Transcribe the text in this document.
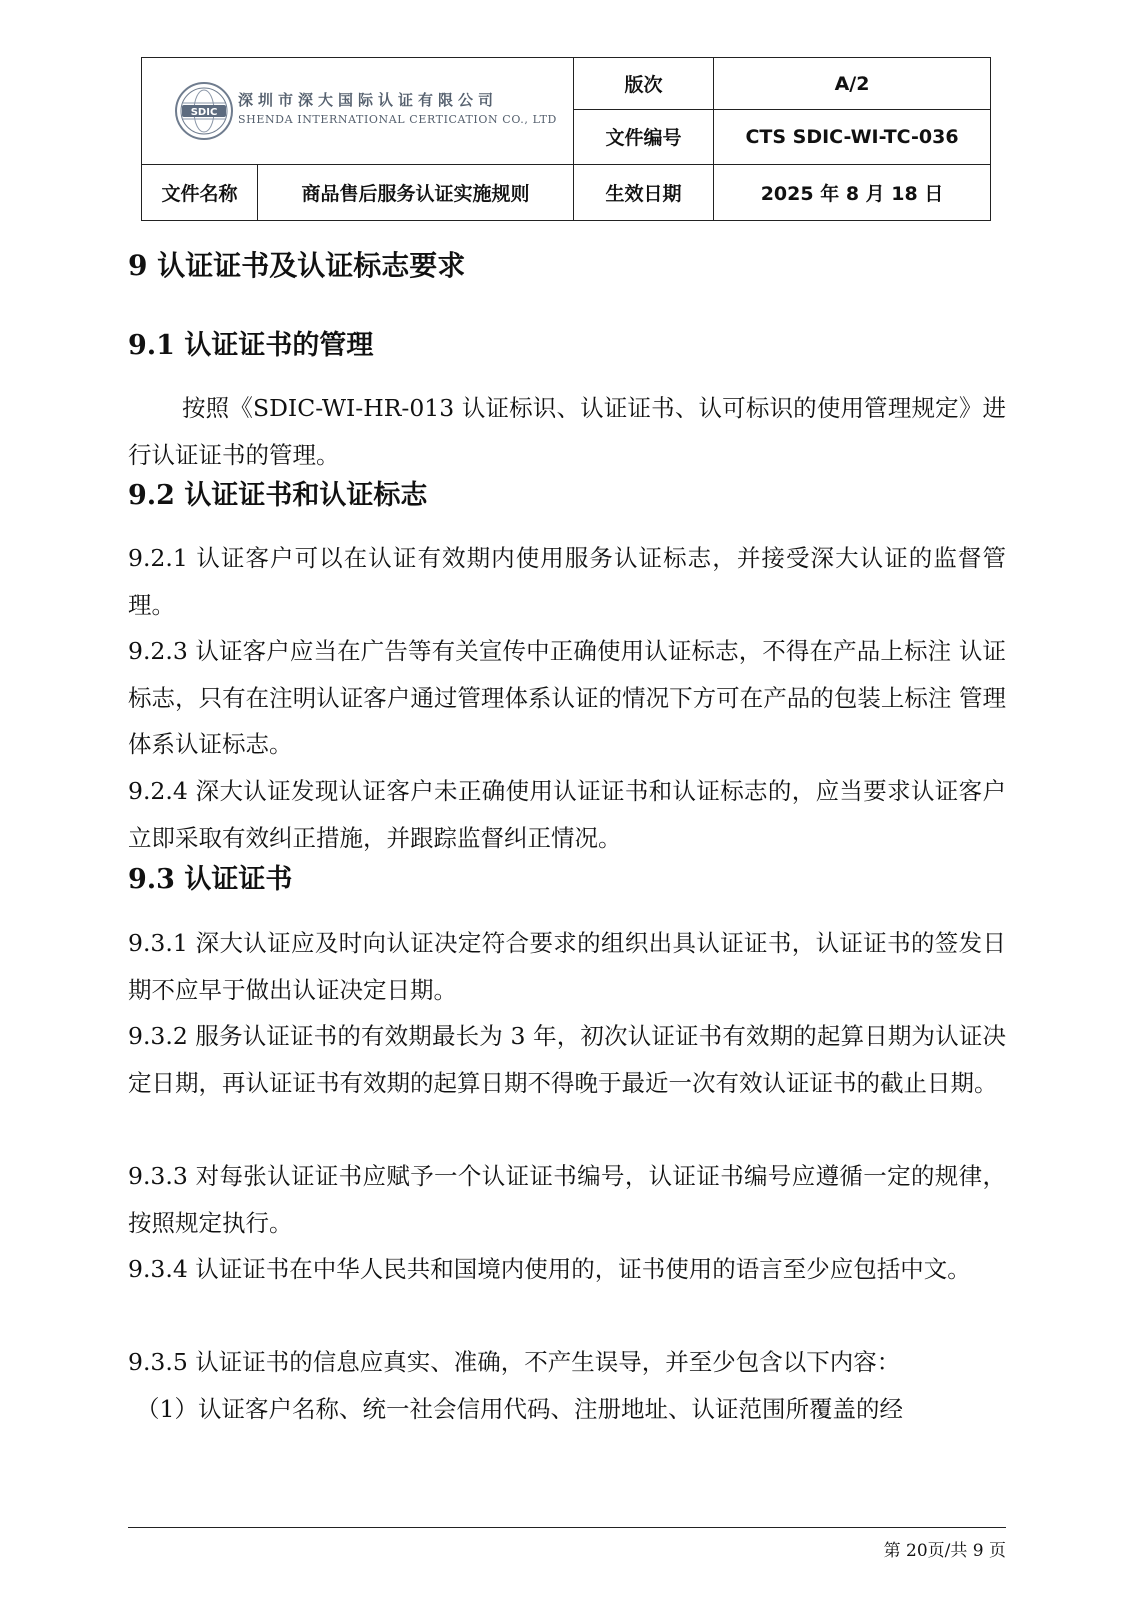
SDIC
深圳市深大国际认证有限公司
SHENDA INTERNATIONAL CERTICATION CO., LTD		版次	A/2
		文件编号	CTS SDIC-WI-TC-036
文件名称	商品售后服务认证实施规则	生效日期	2025 年 8 月 18 日
9 认证证书及认证标志要求
9.1 认证证书的管理
按照《SDIC-WI-HR-013 认证标识、认证证书、认可标识的使用管理规定》进行认证证书的管理。
9.2 认证证书和认证标志
9.2.1 认证客户可以在认证有效期内使用服务认证标志，并接受深大认证的监督管理。
9.2.3 认证客户应当在广告等有关宣传中正确使用认证标志，不得在产品上标注 认证标志，只有在注明认证客户通过管理体系认证的情况下方可在产品的包装上标注 管理体系认证标志。
9.2.4 深大认证发现认证客户未正确使用认证证书和认证标志的，应当要求认证客户立即采取有效纠正措施，并跟踪监督纠正情况。
9.3 认证证书
9.3.1 深大认证应及时向认证决定符合要求的组织出具认证证书，认证证书的签发日期不应早于做出认证决定日期。
9.3.2 服务认证证书的有效期最长为 3 年，初次认证证书有效期的起算日期为认证决定日期，再认证证书有效期的起算日期不得晚于最近一次有效认证证书的截止日期。
9.3.3 对每张认证证书应赋予一个认证证书编号，认证证书编号应遵循一定的规律，按照规定执行。
9.3.4 认证证书在中华人民共和国境内使用的，证书使用的语言至少应包括中文。
9.3.5 认证证书的信息应真实、准确，不产生误导，并至少包含以下内容：
（1）认证客户名称、统一社会信用代码、注册地址、认证范围所覆盖的经
第 20页/共 9 页
